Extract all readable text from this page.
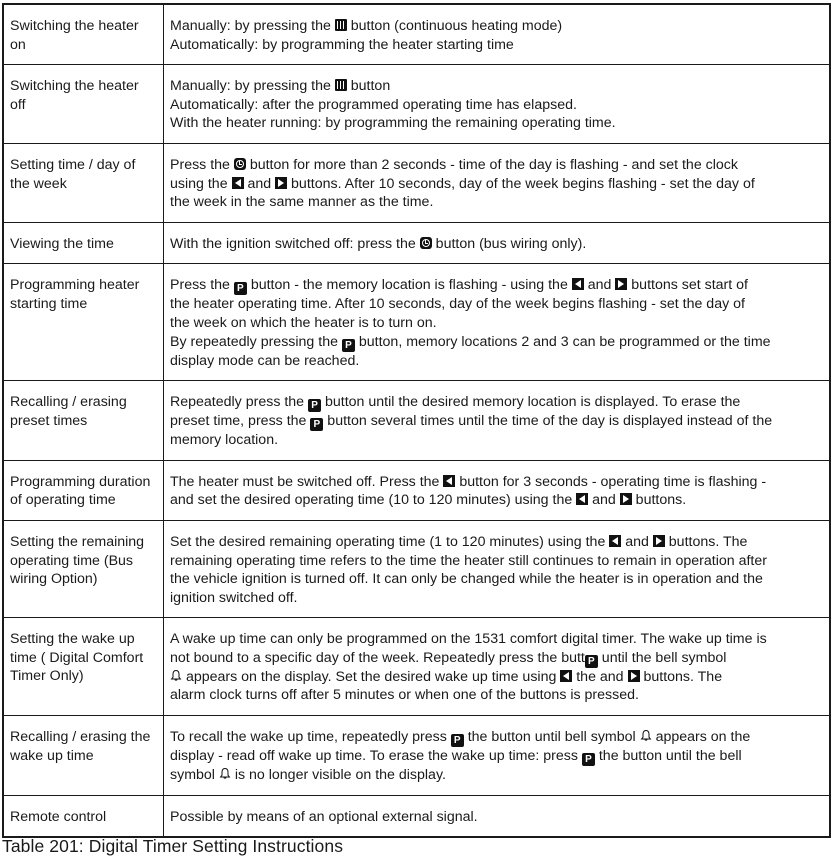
Switching the heater on	Manually: by pressing the  button (continuous heating mode)
Automatically: by programming the heater starting time

Switching the heater off	Manually: by pressing the  button
Automatically: after the programmed operating time has elapsed.
With the heater running: by programming the remaining operating time.

Setting time / day of the week	Press the  button for more than 2 seconds - time of the day is flashing - and set the clock
using the  and  buttons. After 10 seconds, day of the week begins flashing - set the day of
the week in the same manner as the time.

Viewing the time	With the ignition switched off: press the  button (bus wiring only).

Programming heater starting time	Press the P button - the memory location is flashing - using the  and  buttons set start of
the heater operating time. After 10 seconds, day of the week begins flashing - set the day of
the week on which the heater is to turn on.
By repeatedly pressing the P button, memory locations 2 and 3 can be programmed or the time
display mode can be reached.

Recalling / erasing preset times	Repeatedly press the P button until the desired memory location is displayed. To erase the
preset time, press the P button several times until the time of the day is displayed instead of the
memory location.

Programming duration of operating time	The heater must be switched off. Press the  button for 3 seconds - operating time is flashing -
and set the desired operating time (10 to 120 minutes) using the  and  buttons.

Setting the remaining operating time (Bus wiring Option)	Set the desired remaining operating time (1 to 120 minutes) using the  and  buttons. The
remaining operating time refers to the time the heater still continues to remain in operation after
the vehicle ignition is turned off. It can only be changed while the heater is in operation and the
ignition switched off.

Setting the wake up time ( Digital Comfort Timer Only)	A wake up time can only be programmed on the 1531 comfort digital timer. The wake up time is
not bound to a specific day of the week. Repeatedly press the butt P until the bell symbol
appears on the display. Set the desired wake up time using  the and  buttons. The
alarm clock turns off after 5 minutes or when one of the buttons is pressed.

Recalling / erasing the wake up time	To recall the wake up time, repeatedly press P the button until bell symbol  appears on the
display - read off wake up time. To erase the wake up time: press P the button until the bell
symbol  is no longer visible on the display.

Remote control	Possible by means of an optional external signal.
Table 201: Digital Timer Setting Instructions
